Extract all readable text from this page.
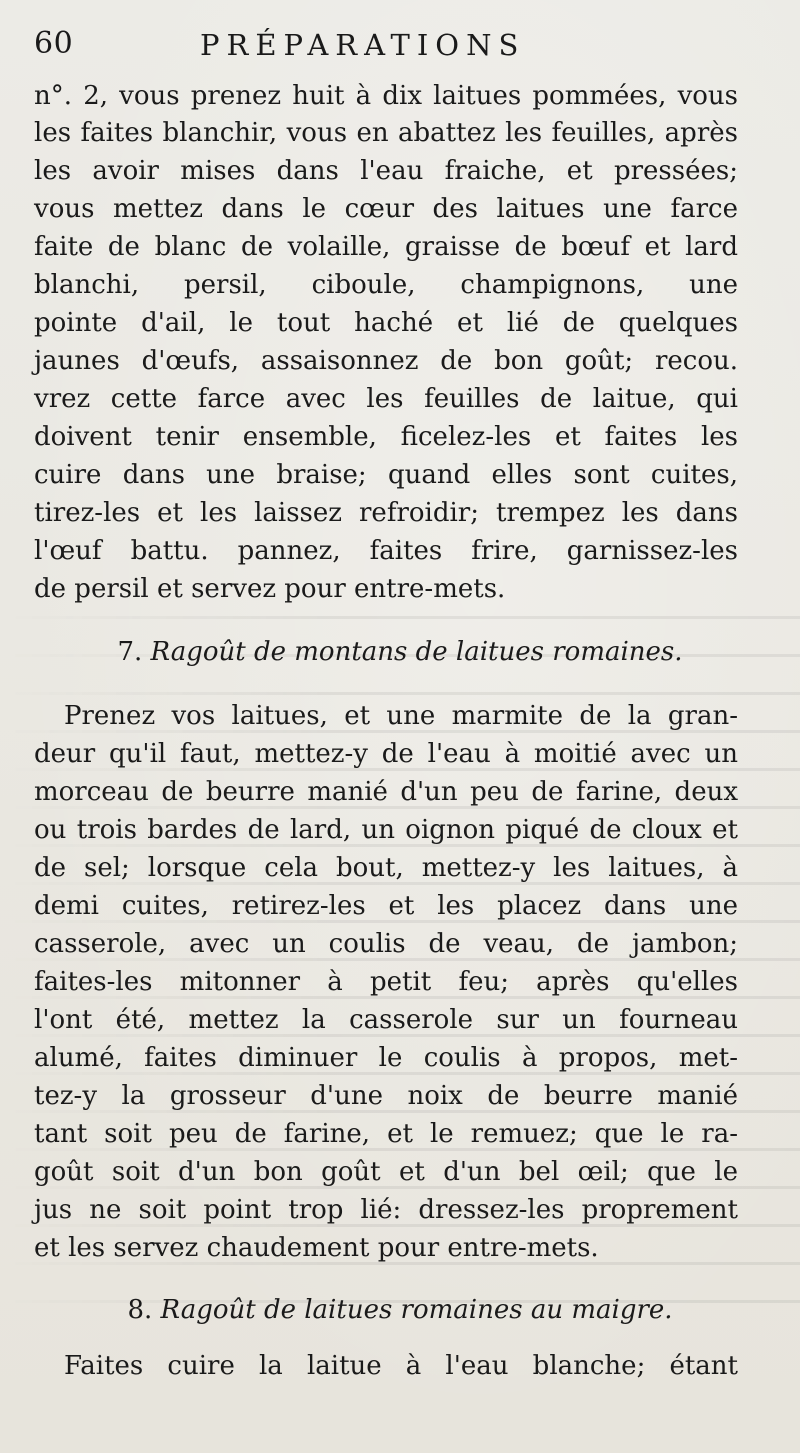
60	PRÉPARATIONS
n°. 2, vous prenez huit à dix laitues pommées, vous
les faites blanchir, vous en abattez les feuilles, après
les avoir mises dans l'eau fraiche, et pressées;
vous mettez dans le cœur des laitues une farce
faite de blanc de volaille, graisse de bœuf et lard
blanchi, persil, ciboule, champignons, une
pointe d'ail, le tout haché et lié de quelques
jaunes d'œufs, assaisonnez de bon goût; recou.
vrez cette farce avec les feuilles de laitue, qui
doivent tenir ensemble, ficelez-les et faites les
cuire dans une braise; quand elles sont cuites,
tirez-les et les laissez refroidir; trempez les dans
l'œuf battu. pannez, faites frire, garnissez-les
de persil et servez pour entre-mets.
7. Ragoût de montans de laitues romaines.
Prenez vos laitues, et une marmite de la gran-
deur qu'il faut, mettez-y de l'eau à moitié avec un
morceau de beurre manié d'un peu de farine, deux
ou trois bardes de lard, un oignon piqué de cloux et
de sel; lorsque cela bout, mettez-y les laitues, à
demi cuites, retirez-les et les placez dans une
casserole, avec un coulis de veau, de jambon;
faites-les mitonner à petit feu; après qu'elles
l'ont été, mettez la casserole sur un fourneau
alumé, faites diminuer le coulis à propos, met-
tez-y la grosseur d'une noix de beurre manié
tant soit peu de farine, et le remuez; que le ra-
goût soit d'un bon goût et d'un bel œil; que le
jus ne soit point trop lié: dressez-les proprement
et les servez chaudement pour entre-mets.
8. Ragoût de laitues romaines au maigre.
Faites cuire la laitue à l'eau blanche; étant
